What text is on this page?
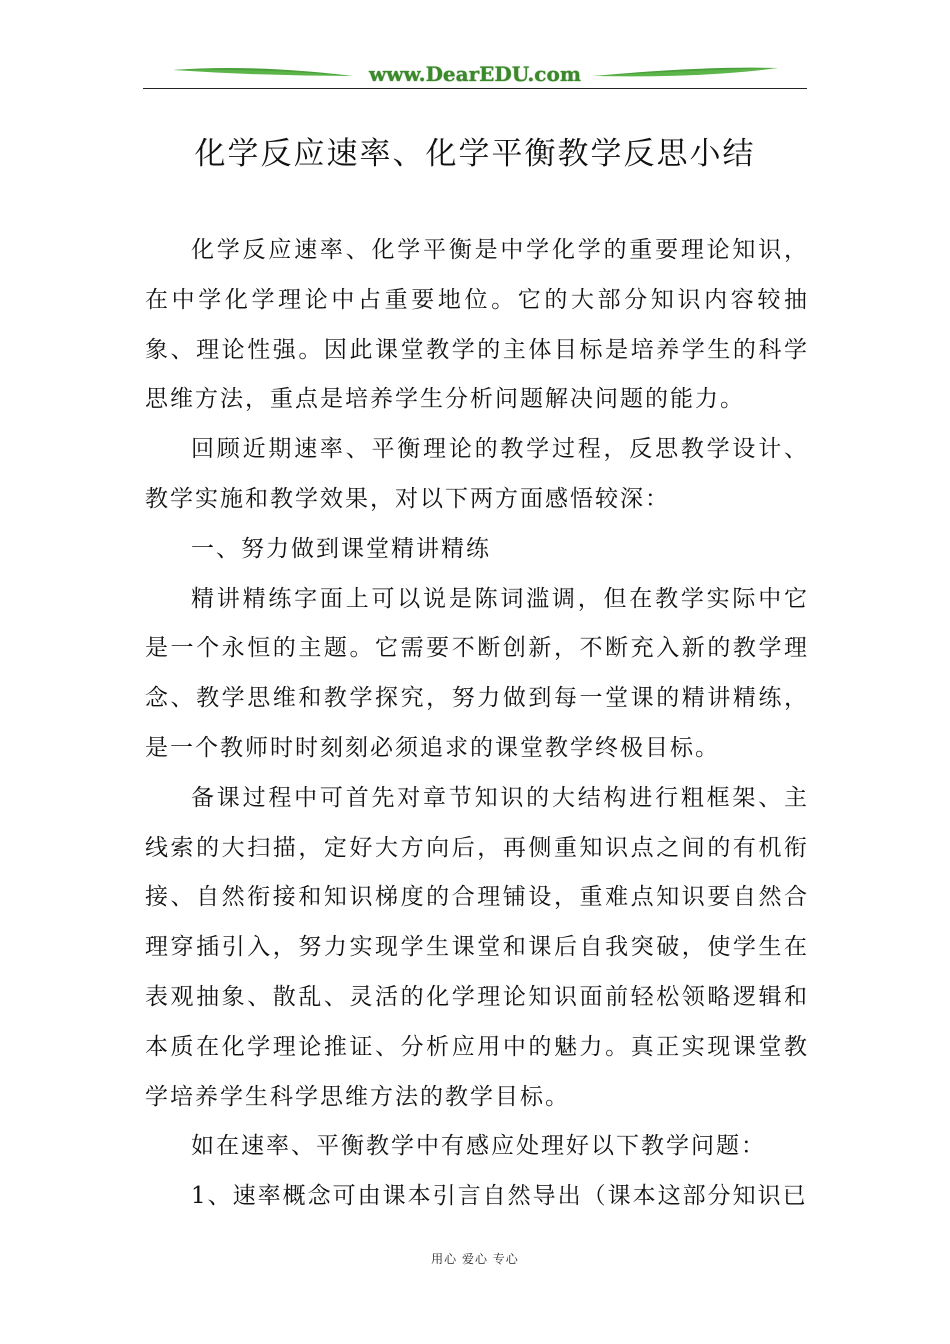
www.DearEDU.com
化学反应速率、化学平衡教学反思小结

化学反应速率、化学平衡是中学化学的重要理论知识，在中学化学理论中占重要地位。它的大部分知识内容较抽象、理论性强。因此课堂教学的主体目标是培养学生的科学思维方法，重点是培养学生分析问题解决问题的能力。

回顾近期速率、平衡理论的教学过程，反思教学设计、教学实施和教学效果，对以下两方面感悟较深：

一、努力做到课堂精讲精练

精讲精练字面上可以说是陈词滥调，但在教学实际中它是一个永恒的主题。它需要不断创新，不断充入新的教学理念、教学思维和教学探究，努力做到每一堂课的精讲精练，是一个教师时时刻刻必须追求的课堂教学终极目标。

备课过程中可首先对章节知识的大结构进行粗框架、主线索的大扫描，定好大方向后，再侧重知识点之间的有机衔接、自然衔接和知识梯度的合理铺设，重难点知识要自然合理穿插引入，努力实现学生课堂和课后自我突破，使学生在表观抽象、散乱、灵活的化学理论知识面前轻松领略逻辑和本质在化学理论推证、分析应用中的魅力。真正实现课堂教学培养学生科学思维方法的教学目标。

如在速率、平衡教学中有感应处理好以下教学问题：

1、速率概念可由课本引言自然导出（课本这部分知识已

用心 爱心 专心
